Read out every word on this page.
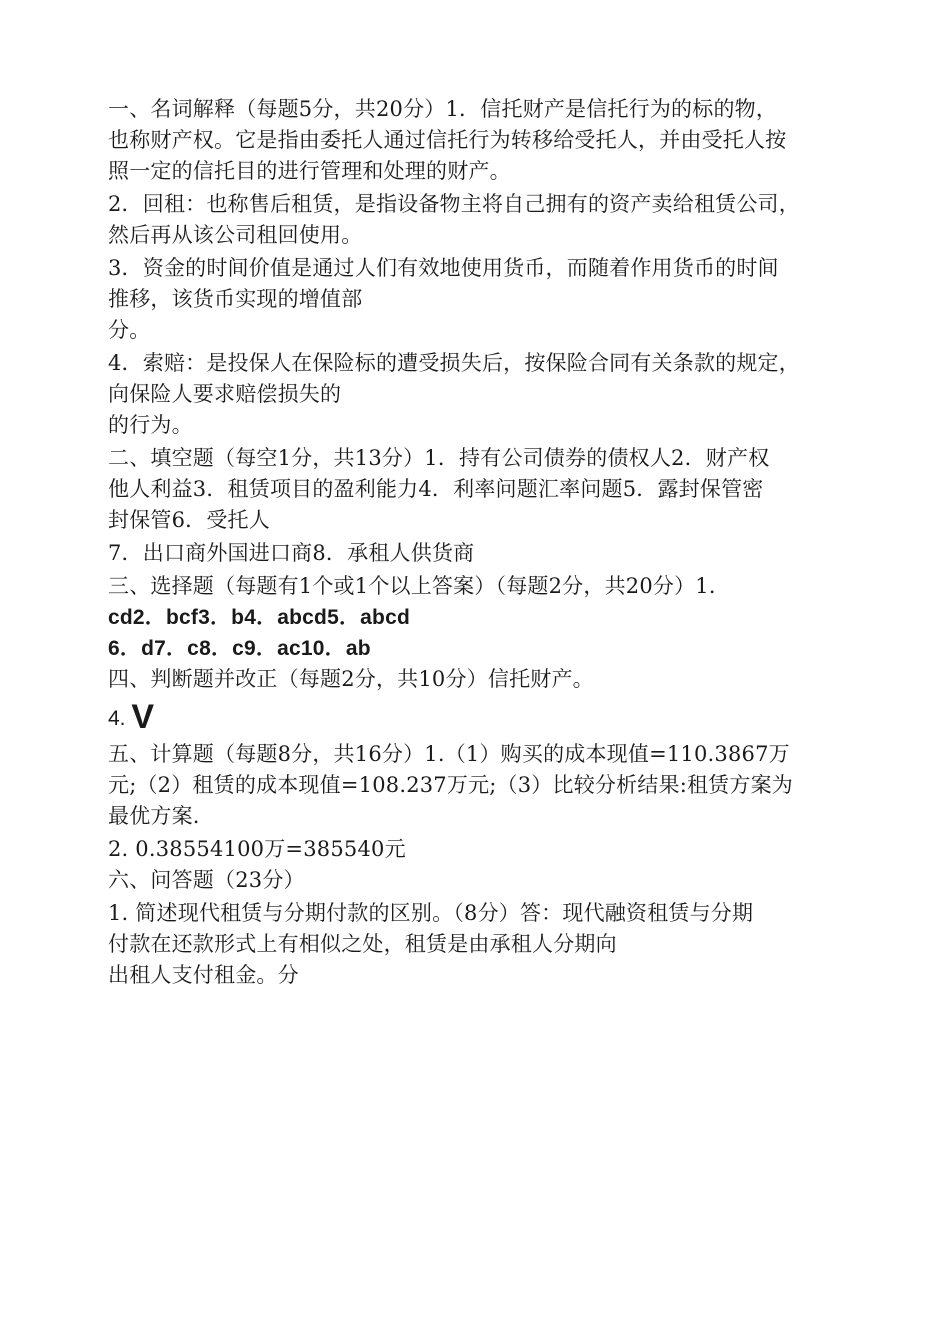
一、名词解释（每题5分，共20分）1．信托财产是信托行为的标的物，
也称财产权。它是指由委托人通过信托行为转移给受托人，并由受托人按
照一定的信托目的进行管理和处理的财产。
2．回租：也称售后租赁，是指设备物主将自己拥有的资产卖给租赁公司，
然后再从该公司租回使用。
3．资金的时间价值是通过人们有效地使用货币，而随着作用货币的时间
推移，该货币实现的增值部
分。
4．索赔：是投保人在保险标的遭受损失后，按保险合同有关条款的规定，
向保险人要求赔偿损失的
的行为。
二、填空题（每空1分，共13分）1．持有公司债券的债权人2．财产权
他人利益3．租赁项目的盈利能力4．利率问题汇率问题5．露封保管密
封保管6．受托人
7．出口商外国进口商8．承租人供货商
三、选择题（每题有1个或1个以上答案）（每题2分，共20分）1．
cd2．bcf3．b4．abcd5．abcd
6．d7．c8．c9．ac10．ab
四、判断题并改正（每题2分，共10分）信托财产。
4. V
五、计算题（每题8分，共16分）1.（1）购买的成本现值=110.3867万
元;（2）租赁的成本现值=108.237万元;（3）比较分析结果:租赁方案为
最优方案.
2. 0.38554100万=385540元
六、问答题（23分）
1. 简述现代租赁与分期付款的区别。（8分）答：现代融资租赁与分期
付款在还款形式上有相似之处，租赁是由承租人分期向
出租人支付租金。分
